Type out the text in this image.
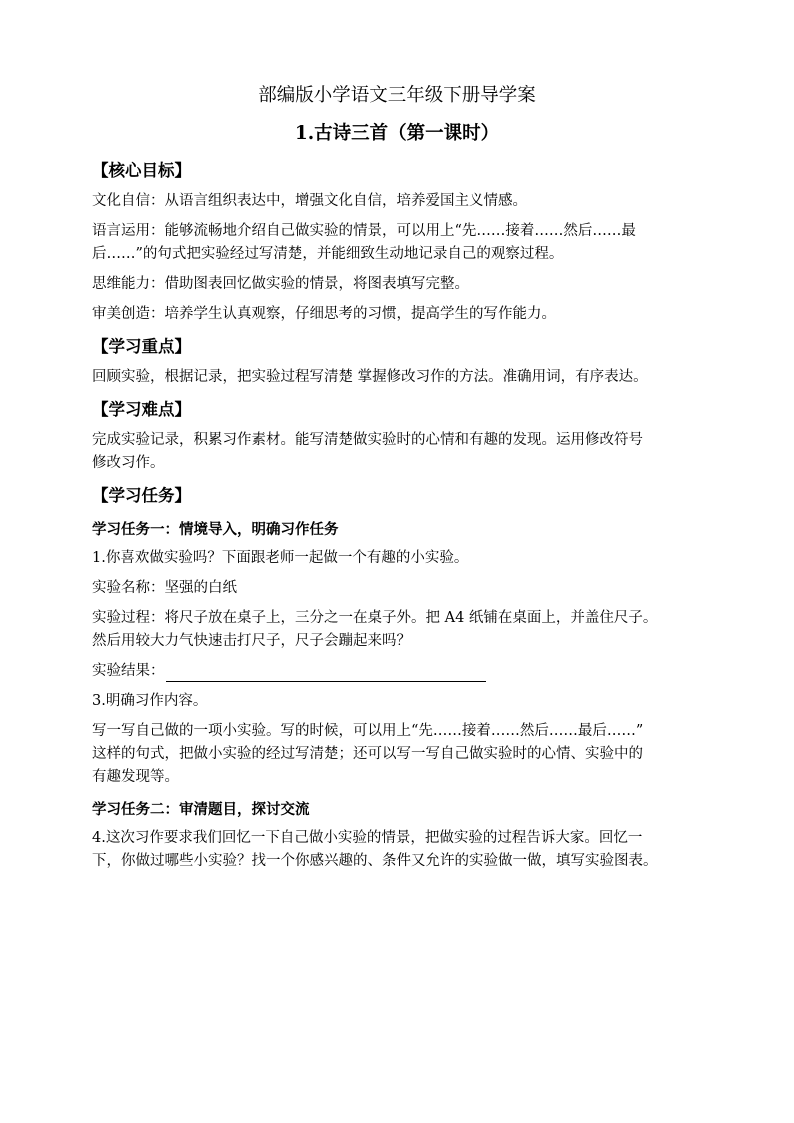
部编版小学语文三年级下册导学案
1.古诗三首（第一课时）
【核心目标】
文化自信：从语言组织表达中，增强文化自信，培养爱国主义情感。
语言运用：能够流畅地介绍自己做实验的情景，可以用上“先……接着……然后……最
后……”的句式把实验经过写清楚，并能细致生动地记录自己的观察过程。
思维能力：借助图表回忆做实验的情景，将图表填写完整。
审美创造：培养学生认真观察，仔细思考的习惯，提高学生的写作能力。
【学习重点】
回顾实验，根据记录，把实验过程写清楚 掌握修改习作的方法。准确用词，有序表达。
【学习难点】
完成实验记录，积累习作素材。能写清楚做实验时的心情和有趣的发现。运用修改符号
修改习作。
【学习任务】
学习任务一：情境导入，明确习作任务
1.你喜欢做实验吗？下面跟老师一起做一个有趣的小实验。
实验名称：坚强的白纸
实验过程：将尺子放在桌子上，三分之一在桌子外。把 A4 纸铺在桌面上，并盖住尺子。
然后用较大力气快速击打尺子，尺子会蹦起来吗？
实验结果：
3.明确习作内容。
写一写自己做的一项小实验。写的时候，可以用上“先……接着……然后……最后……”
这样的句式，把做小实验的经过写清楚；还可以写一写自己做实验时的心情、实验中的
有趣发现等。
学习任务二：审清题目，探讨交流
4.这次习作要求我们回忆一下自己做小实验的情景，把做实验的过程告诉大家。回忆一
下，你做过哪些小实验？找一个你感兴趣的、条件又允许的实验做一做，填写实验图表。
